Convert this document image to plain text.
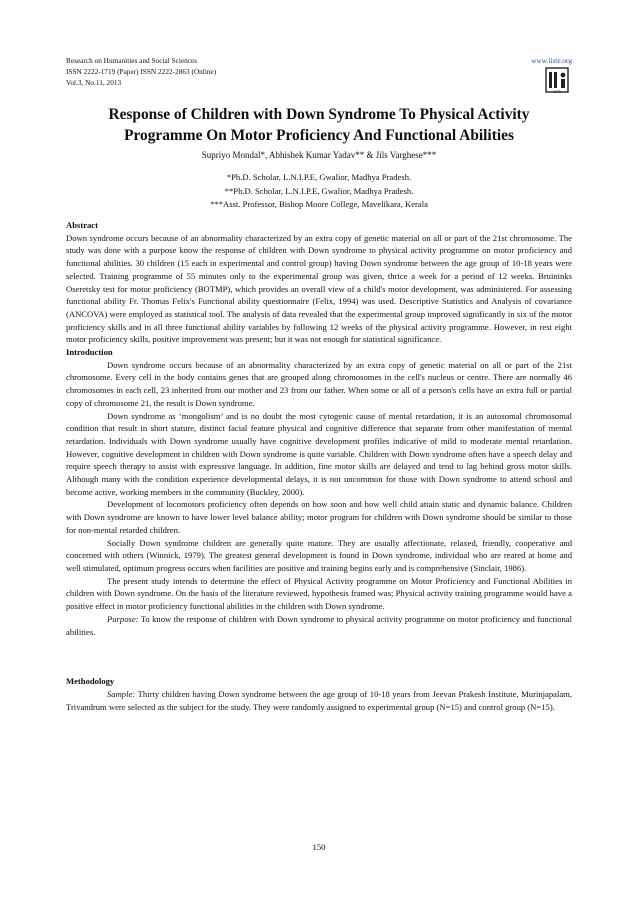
Research on Humanities and Social Sciences
ISSN 2222-1719 (Paper) ISSN 2222-2863 (Online)
Vol.3, No.11, 2013
www.iiste.org
IISTE
Response of Children with Down Syndrome To Physical Activity
Programme On Motor Proficiency And Functional Abilities
Supriyo Mondal*, Abhishek Kumar Yadav** & Jils Varghese***
*Ph.D. Scholar, L.N.I.P.E, Gwalior, Madhya Pradesh.
**Ph.D. Scholar, L.N.I.P.E, Gwalior, Madhya Pradesh.
***Asst. Professor, Bishop Moore College, Mavelikara, Kerala

Abstract

Down syndrome occurs because of an abnormality characterized by an extra copy of genetic material on all or part of the 21st chromosome. The study was done with a purpose know the response of children with Down syndrome to physical activity programme on motor proficiency and functional abilities. 30 children (15 each in experimental and control group) having Down syndrome between the age group of 10-18 years were selected. Training programme of 55 minutes only to the experimental group was given, thrice a week for a period of 12 weeks. Bruininks Oseretsky test for motor proficiency (BOTMP), which provides an overall view of a child's motor development, was administered. For assessing functional ability Fr. Thomas Felix's Functional ability questionnaire (Felix, 1994) was used. Descriptive Statistics and Analysis of covariance (ANCOVA) were employed as statistical tool. The analysis of data revealed that the experimental group improved significantly in six of the motor proficiency skills and in all three functional ability variables by following 12 weeks of the physical activity programme. However, in rest eight motor proficiency skills, positive improvement was present; but it was not enough for statistical significance.

Introduction

Down syndrome occurs because of an abnormality characterized by an extra copy of genetic material on all or part of the 21st chromosome. Every cell in the body contains genes that are grouped along chromosomes in the cell's nucleus or centre. There are normally 46 chromosomes in each cell, 23 inherited from our mother and 23 from our father. When some or all of a person's cells have an extra full or partial copy of chromosome 21, the result is Down syndrome.

Down syndrome as ‘mongolism’ and is no doubt the most cytogenic cause of mental retardation, it is an autosomal chromosomal condition that result in short stature, distinct facial feature physical and cognitive difference that separate from other manifestation of mental retardation. Individuals with Down syndrome usually have cognitive development profiles indicative of mild to moderate mental retardation. However, cognitive development in children with Down syndrome is quite variable. Children with Down syndrome often have a speech delay and require speech therapy to assist with expressive language. In addition, fine motor skills are delayed and tend to lag behind gross motor skills. Although many with the condition experience developmental delays, it is not uncommon for those with Down syndrome to attend school and become active, working members in the community (Buckley, 2000).

Development of locomotors proficiency often depends on how soon and how well child attain static and dynamic balance. Children with Down syndrome are known to have lower level balance ability; motor program for children with Down syndrome should be similar to those for non-mental retarded children.

Socially Down syndrome children are generally quite mature. They are usually affectionate, relaxed, friendly, cooperative and concerned with others (Winnick, 1979). The greatest general development is found in Down syndrome, individual who are reared at home and well stimulated, optimum progress occurs when facilities are positive and training begins early and is comprehensive (Sinclair, 1986).

The present study intends to determine the effect of Physical Activity programme on Motor Proficiency and Functional Abilities in children with Down syndrome. On the basis of the literature reviewed, hypothesis framed was; Physical activity training programme would have a positive effect in motor proficiency functional abilities in the children with Down syndrome.

Purpose: To know the response of children with Down syndrome to physical activity programme on motor proficiency and functional abilities.

Methodology

Sample: Thirty children having Down syndrome between the age group of 10-18 years from Jeevan Prakesh Institute, Murinjapalam, Trivandrum were selected as the subject for the study. They were randomly assigned to experimental group (N=15) and control group (N=15).

150
